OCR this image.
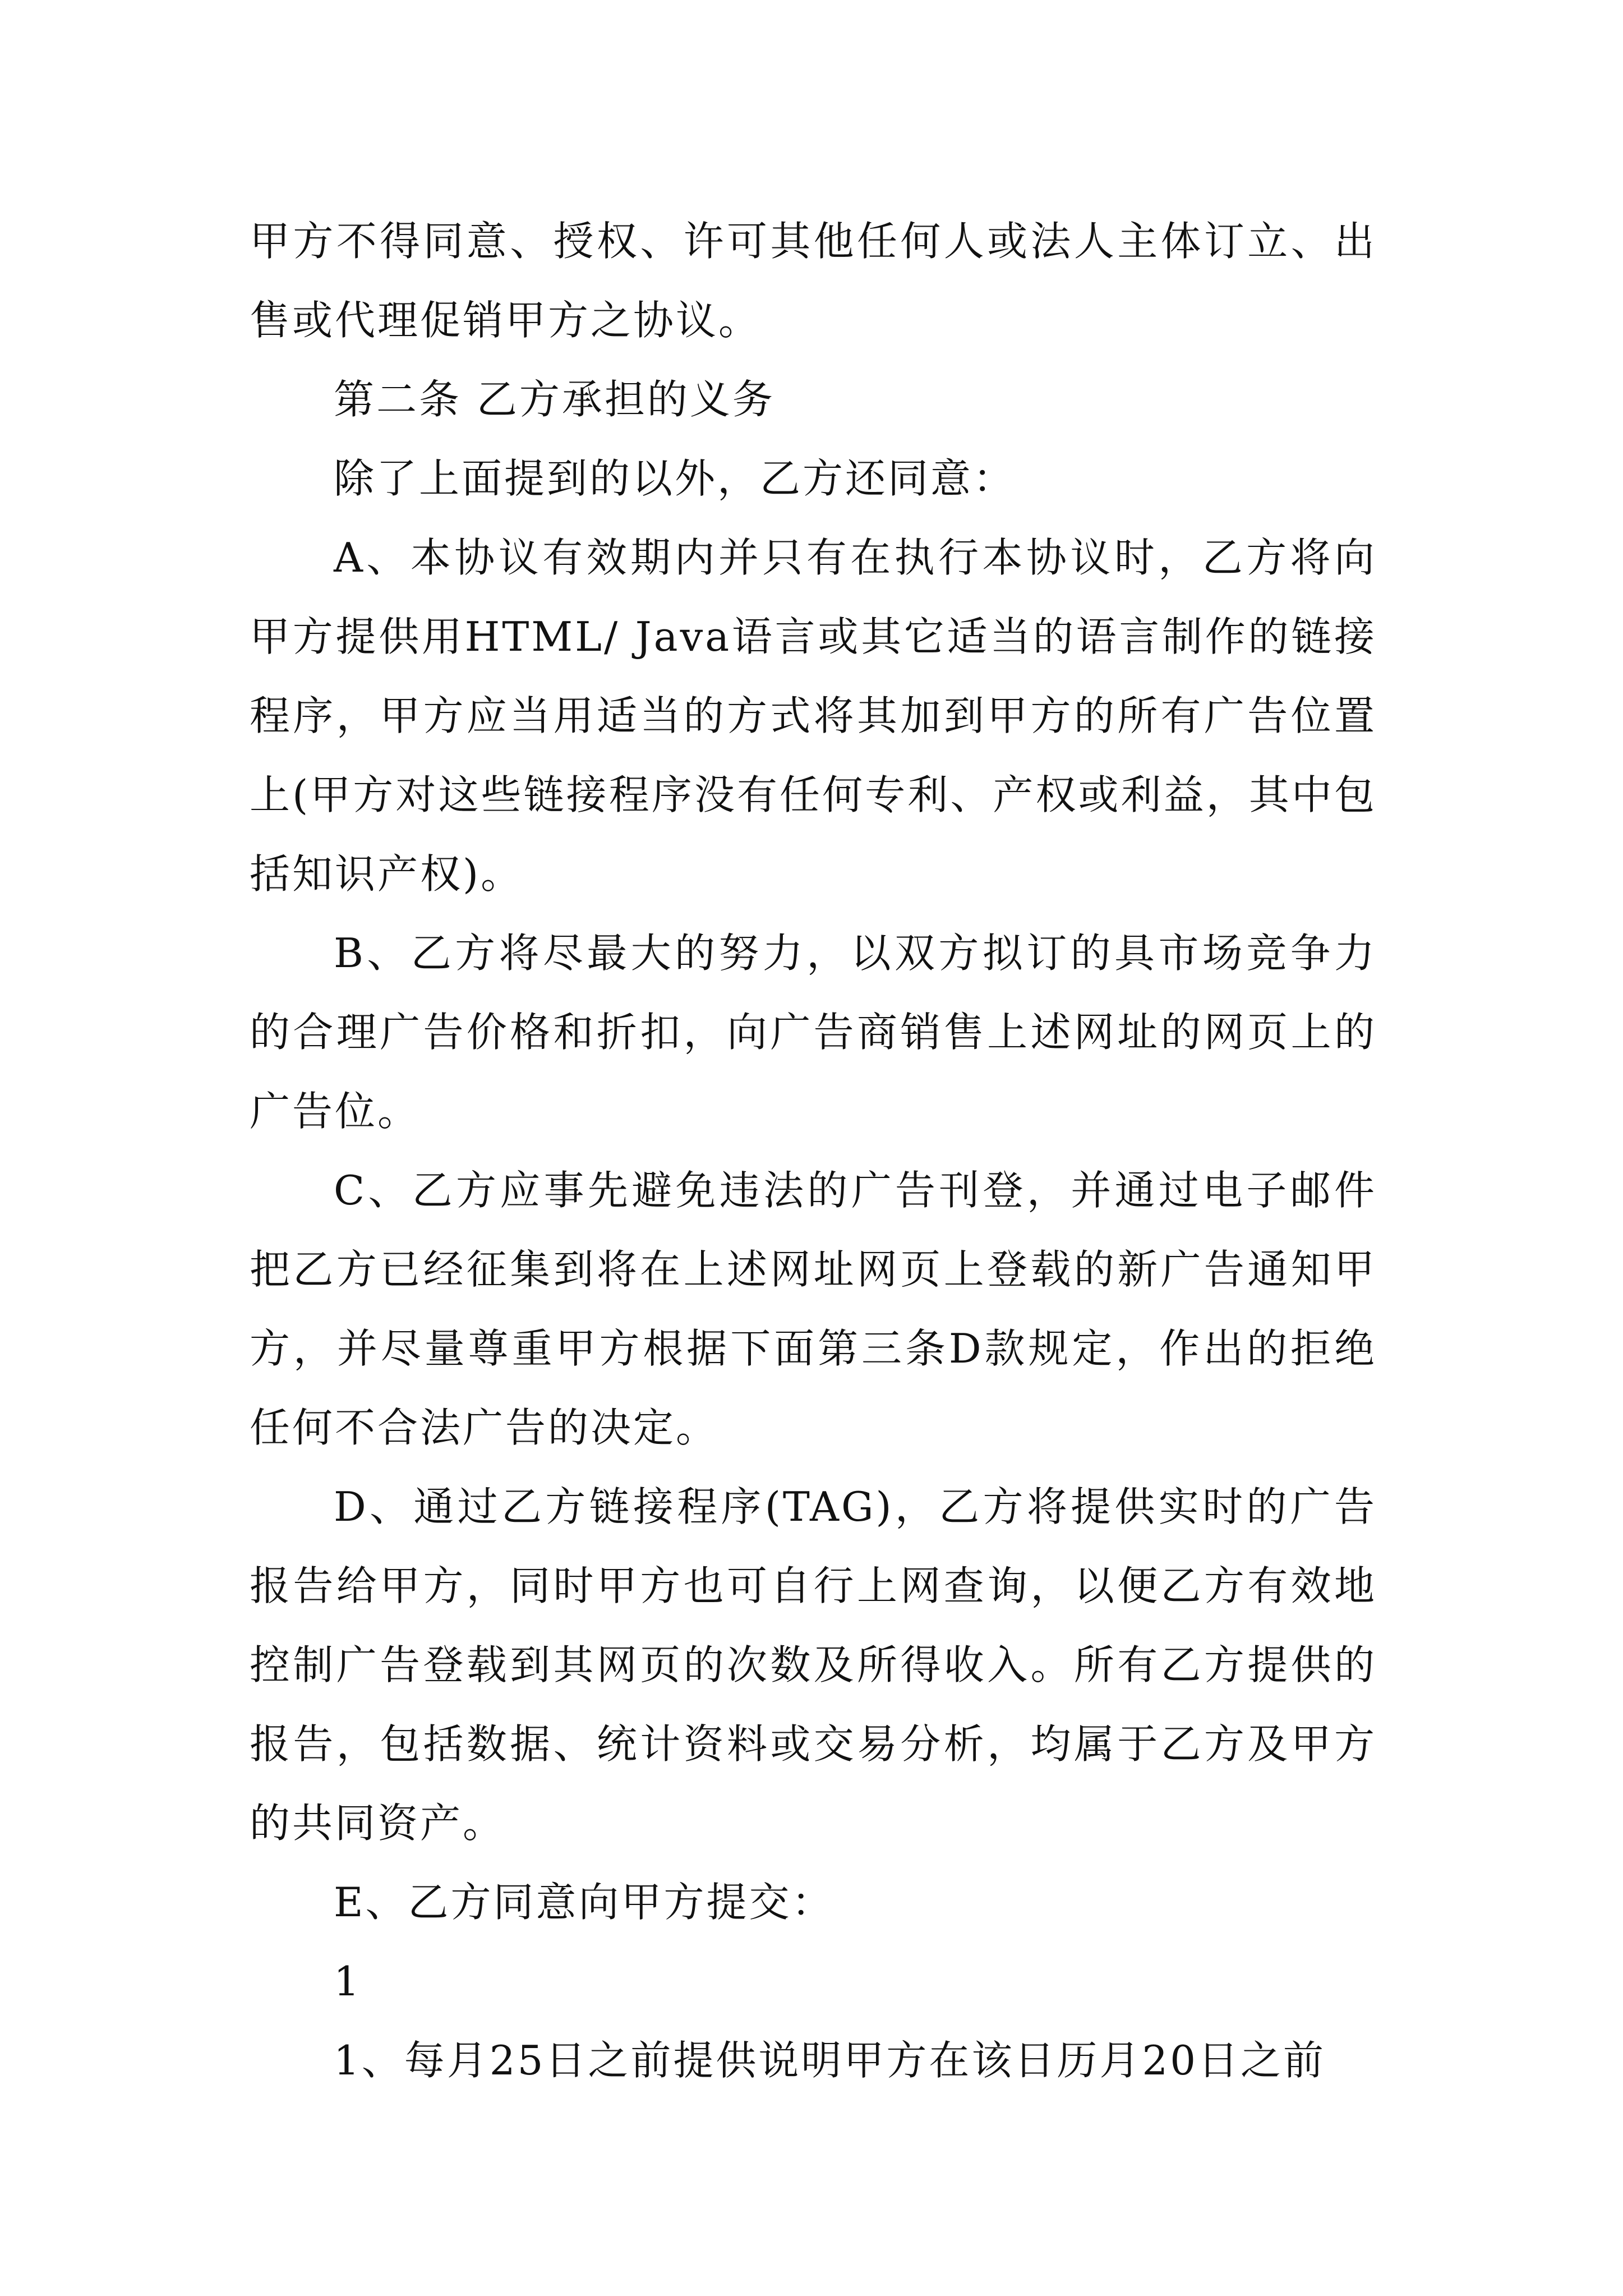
甲方不得同意、授权、许可其他任何人或法人主体订立、出售或代理促销甲方之协议。

第二条 乙方承担的义务

除了上面提到的以外，乙方还同意：

A、本协议有效期内并只有在执行本协议时，乙方将向甲方提供用HTML/ Java语言或其它适当的语言制作的链接程序，甲方应当用适当的方式将其加到甲方的所有广告位置上(甲方对这些链接程序没有任何专利、产权或利益，其中包括知识产权)。

B、乙方将尽最大的努力，以双方拟订的具市场竞争力的合理广告价格和折扣，向广告商销售上述网址的网页上的广告位。

C、乙方应事先避免违法的广告刊登，并通过电子邮件把乙方已经征集到将在上述网址网页上登载的新广告通知甲方，并尽量尊重甲方根据下面第三条D款规定，作出的拒绝任何不合法广告的决定。

D、通过乙方链接程序(TAG)，乙方将提供实时的广告报告给甲方，同时甲方也可自行上网查询，以便乙方有效地控制广告登载到其网页的次数及所得收入。所有乙方提供的报告，包括数据、统计资料或交易分析，均属于乙方及甲方的共同资产。

E、乙方同意向甲方提交：

1

1、每月25日之前提供说明甲方在该日历月20日之前
